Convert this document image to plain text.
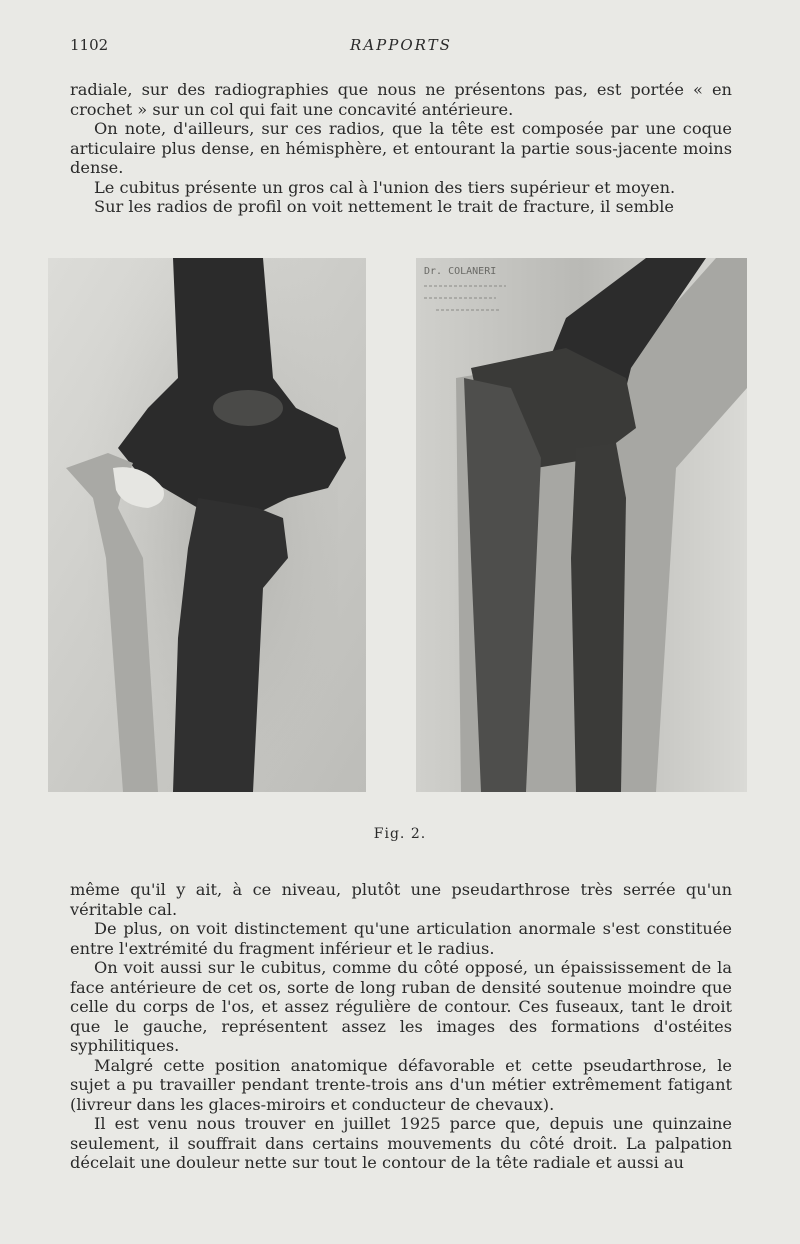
1102	RAPPORTS

radiale, sur des radiographies que nous ne présentons pas, est portée « en crochet » sur un col qui fait une concavité antérieure.

On note, d'ailleurs, sur ces radios, que la tête est composée par une coque articulaire plus dense, en hémisphère, et entourant la partie sous-jacente moins dense.

Le cubitus présente un gros cal à l'union des tiers supérieur et moyen.

Sur les radios de profil on voit nettement le trait de fracture, il semble

Dr. COLANERI
Fig. 2.

même qu'il y ait, à ce niveau, plutôt une pseudarthrose très serrée qu'un véritable cal.

De plus, on voit distinctement qu'une articulation anormale s'est constituée entre l'extrémité du fragment inférieur et le radius.

On voit aussi sur le cubitus, comme du côté opposé, un épaississement de la face antérieure de cet os, sorte de long ruban de densité soutenue moindre que celle du corps de l'os, et assez régulière de contour. Ces fuseaux, tant le droit que le gauche, représentent assez les images des formations d'ostéites syphilitiques.

Malgré cette position anatomique défavorable et cette pseudarthrose, le sujet a pu travailler pendant trente-trois ans d'un métier extrêmement fatigant (livreur dans les glaces-miroirs et conducteur de chevaux).

Il est venu nous trouver en juillet 1925 parce que, depuis une quinzaine seulement, il souffrait dans certains mouvements du côté droit. La palpation décelait une douleur nette sur tout le contour de la tête radiale et aussi au
